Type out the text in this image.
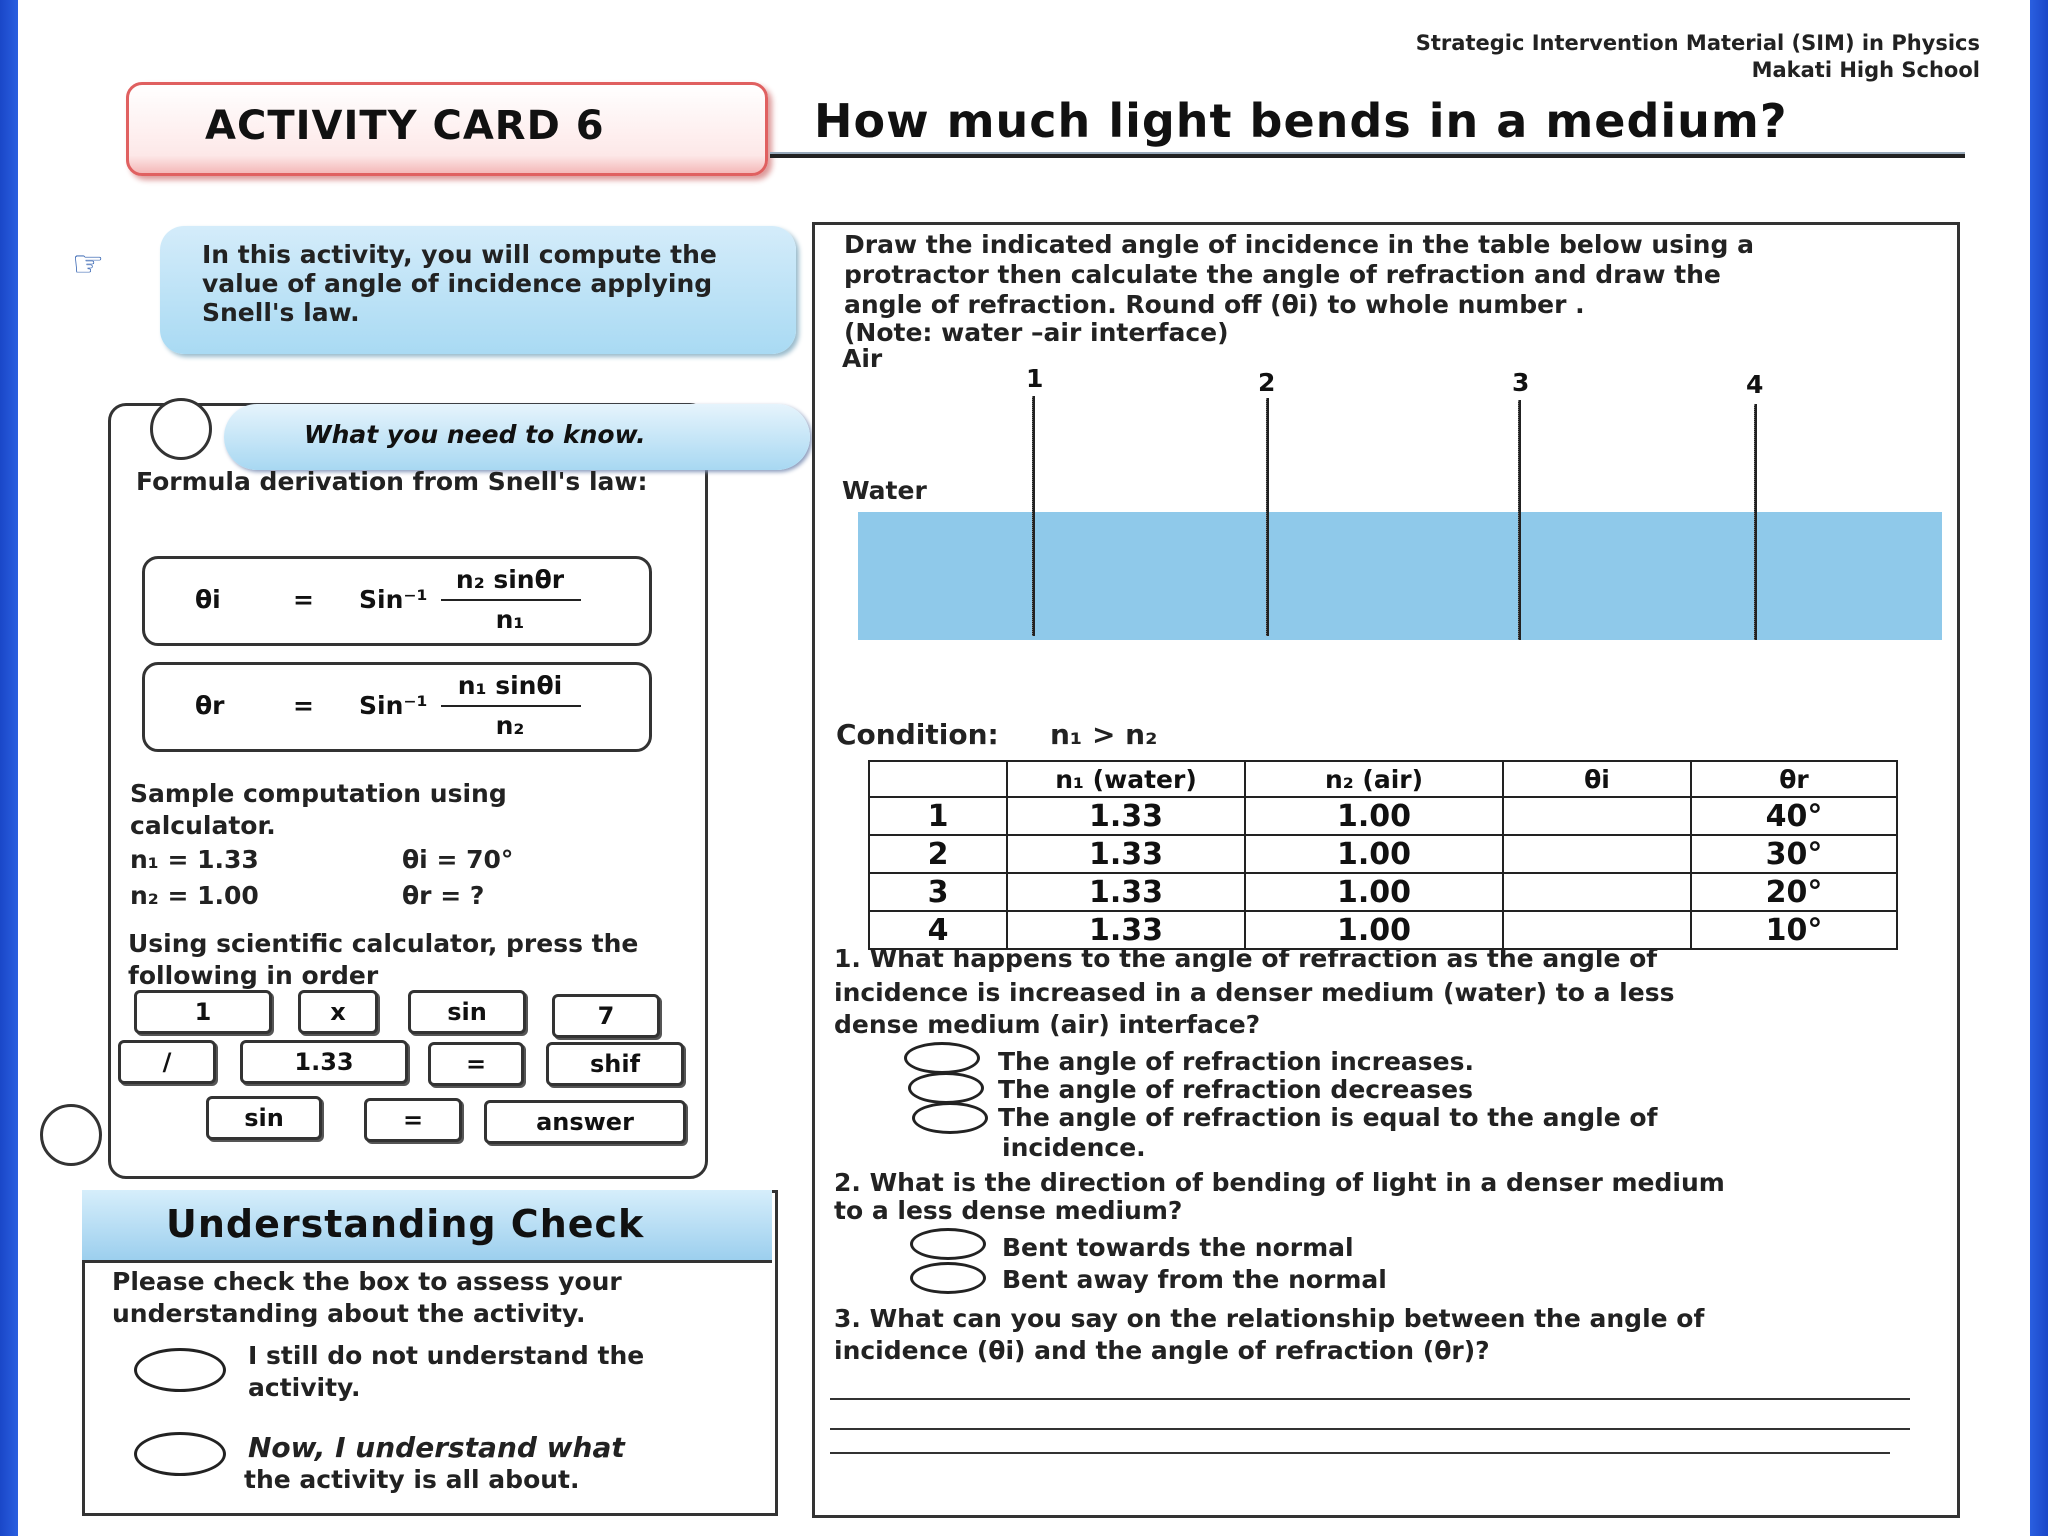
Strategic Intervention Material (SIM) in Physics
Makati High School
ACTIVITY CARD 6	How much light bends in a medium?
☞	In this activity, you will compute the value of angle of incidence applying Snell's law.
What you need to know.
Formula derivation from Snell's law:
θi	= Sin⁻¹
n₂ sinθr
n₁
θr	= Sin⁻¹
n₁ sinθi
n₂
Sample computation using calculator.
n₁ = 1.33	θi = 70°
n₂ = 1.00	θr = ?
Using scientific calculator, press the following in order
1	x	sin	7
/	1.33	=	shif
sin	=	answer
Understanding Check
Please check the box to assess your understanding about the activity.
I still do not understand the activity.
Now, I understand what
the activity is all about.
Draw the indicated angle of incidence in the table below using a
protractor then calculate the angle of refraction and draw the
angle of refraction. Round off (θi) to whole number .
(Note: water –air interface)
Air
Water
1	2	3	4
Condition: n₁ > n₂
	n₁ (water)	n₂ (air)	θi	θr
1	1.33	1.00		40°
2	1.33	1.00		30°
3	1.33	1.00		20°
4	1.33	1.00		10°
1. What happens to the angle of refraction as the angle of
incidence is increased in a denser medium (water) to a less
dense medium (air) interface?
The angle of refraction increases.
The angle of refraction decreases
The angle of refraction is equal to the angle of
incidence.
2. What is the direction of bending of light in a denser medium
to a less dense medium?
Bent towards the normal
Bent away from the normal
3. What can you say on the relationship between the angle of
incidence (θi) and the angle of refraction (θr)?
